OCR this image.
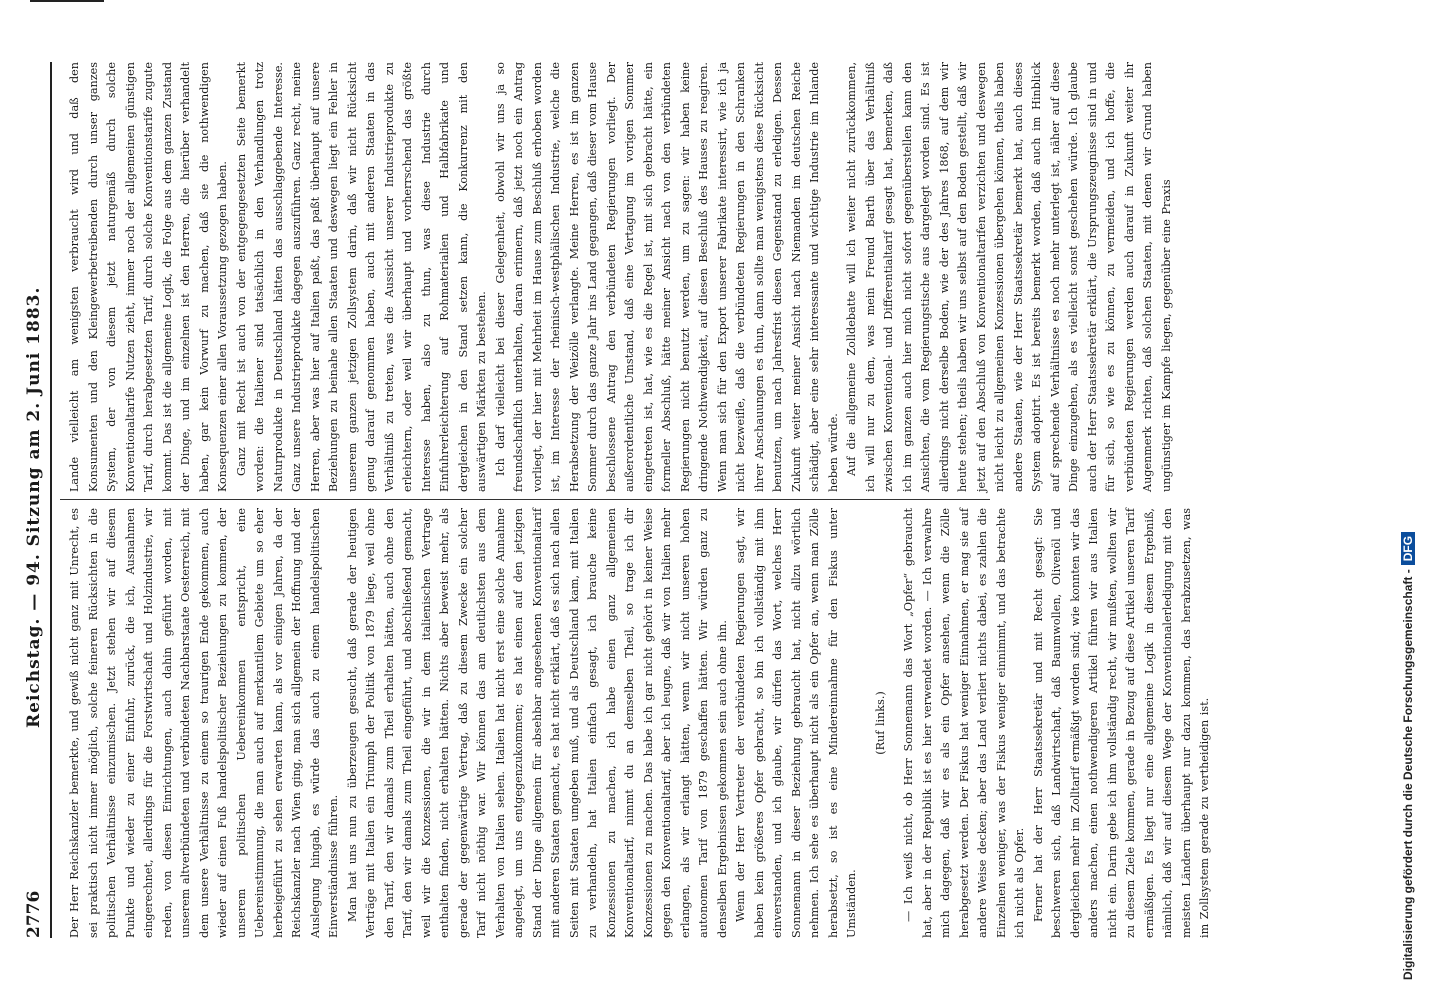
2776
Reichstag. — 94. Sitzung am 2. Juni 1883. Der Herr Reichskanzler bemerkte, und gewiß nicht ganz mit Unrecht, es sei praktisch nicht immer möglich, solche feineren Rücksichten in die politischen Verhältnisse einzumischen. Jetzt stehen wir auf diesem Punkte und wieder zu einer Einfuhr, zurück, die ich, Ausnahmen eingerechnet, allerdings für die Forstwirtschaft und Holzindustrie, wir reden, von diesen Einrichtungen, auch dahin geführt worden, mit unserem altverbündeten und verbündeten Nachbarstaate Oesterreich, mit dem unsere Verhältnisse zu einem so traurigen Ende gekommen, auch wieder auf einen Fuß handelspolitischer Beziehungen zu kommen, der unserem politischen Uebereinkommen entspricht, eine Uebereinstimmung, die man auch auf merkantilem Gebiete um so eher herbeigeführt zu sehen erwarten kann, als vor einigen Jahren, da der Reichskanzler nach Wien ging, man sich allgemein der Hoffnung und der Auslegung hingab, es würde das auch zu einem handelspolitischen Einverständnisse führen. Man hat uns nun zu überzeugen gesucht, daß gerade der heutigen Verträge mit Italien ein Triumph der Politik von 1879 liege, weil ohne den Tarif, den wir damals zum Theil erhalten hätten, auch ohne den Tarif, den wir damals zum Theil eingeführt, und abschließend gemacht, weil wir die Konzessionen, die wir in dem italienischen Vertrage enthalten finden, nicht erhalten hätten. Nichts aber beweist mehr, als gerade der gegenwärtige Vertrag, daß zu diesem Zwecke ein solcher Tarif nicht nöthig war. Wir können das am deutlichsten aus dem Verhalten von Italien sehen. Italien hat nicht erst eine solche Annahme angelegt, um uns entgegenzukommen; es hat einen auf den jetzigen Stand der Dinge allgemein für absehbar angesehenen Konventionaltarif mit anderen Staaten gemacht, es hat nicht erklärt, daß es sich nach allen Seiten mit Staaten umgeben muß, und als Deutschland kam, mit Italien zu verhandeln, hat Italien einfach gesagt, ich brauche keine Konzessionen zu machen, ich habe einen ganz allgemeinen Konventionaltarif, nimmt du an demselben Theil, so trage ich dir Konzessionen zu machen. Das habe ich gar nicht gehört in keiner Weise gegen den Konventionaltarif, aber ich leugne, daß wir von Italien mehr erlangen, als wir erlangt hätten, wenn wir nicht unseren hohen autonomen Tarif von 1879 geschaffen hätten. Wir würden ganz zu denselben Ergebnissen gekommen sein auch ohne ihn. Wenn der Herr Vertreter der verbündeten Regierungen sagt, wir haben kein größeres Opfer gebracht, so bin ich vollständig mit ihm einverstanden, und ich glaube, wir dürfen das Wort, welches Herr Sonnemann in dieser Beziehung gebraucht hat, nicht allzu wörtlich nehmen. Ich sehe es überhaupt nicht als ein Opfer an, wenn man Zölle herabsetzt, so ist es eine Mindereinnahme für den Fiskus unter Umständen.

(Ruf links.)	— Ich weiß nicht, ob Herr Sonnemann das Wort „Opfer“ gebraucht hat, aber in der Republik ist es hier verwendet worden. — Ich verwahre mich dagegen, daß wir es als ein Opfer ansehen, wenn die Zölle herabgesetzt werden. Der Fiskus hat weniger Einnahmen, er mag sie auf andere Weise decken; aber das Land verliert nichts dabei, es zahlen die Einzelnen weniger, was der Fiskus weniger einnimmt, und das betrachte ich nicht als Opfer. Ferner hat der Herr Staatssekretär und mit Recht gesagt: Sie beschweren sich, daß Landwirtschaft, daß Baumwollen, Olivenöl und dergleichen mehr im Zolltarif ermäßigt worden sind; wie konnten wir das anders machen, einen nothwendigeren Artikel führen wir aus Italien nicht ein. Darin gebe ich ihm vollständig recht, wir mußten, wollten wir zu diesem Ziele kommen, gerade in Bezug auf diese Artikel unseren Tarif ermäßigen. Es liegt nur eine allgemeine Logik in diesem Ergebniß, nämlich, daß wir auf diesem Wege der Konventionalerledigung mit den meisten Ländern überhaupt nur dazu kommen, das herabzusetzen, was im Zollsystem gerade zu vertheidigen ist.

Lande vielleicht am wenigsten verbraucht wird und daß den Konsumenten und den Kleingewerbetreibenden durch unser ganzes System, der von diesem jetzt naturgemäß durch solche Konventionaltarife Nutzen zieht, immer noch der allgemeinen günstigen Tarif, durch herabgesetzten Tarif, durch solche Konventionstarife zugute kommt. Das ist die allgemeine Logik, die Folge aus dem ganzen Zustand der Dinge, und im einzelnen ist den Herren, die hierüber verhandelt haben, gar kein Vorwurf zu machen, daß sie die nothwendigen Konsequenzen einer allen Voraussetzung gezogen haben. Ganz mit Recht ist auch von der entgegengesetzten Seite bemerkt worden: die Italiener sind tatsächlich in den Verhandlungen trotz Naturprodukte in Deutschland hätten das ausschlaggebende Interesse. Ganz unsere Industrieprodukte dagegen auszuführen. Ganz recht, meine Herren, aber was hier auf Italien paßt, das paßt überhaupt auf unsere Beziehungen zu beinahe allen Staaten und deswegen liegt ein Fehler in unserem ganzen jetzigen Zollsystem darin, daß wir nicht Rücksicht genug darauf genommen haben, auch mit anderen Staaten in das Verhältniß zu treten, was die Aussicht unserer Industrieprodukte zu erleichtern, oder weil wir überhaupt und vorherrschend das größte Interesse haben, also zu thun, was diese Industrie durch Einfuhrerleichterung auf Rohmaterialien und Halbfabrikate und dergleichen in den Stand setzen kann, die Konkurrenz mit den auswärtigen Märkten zu bestehen. Ich darf vielleicht bei dieser Gelegenheit, obwohl wir uns ja so freundschaftlich unterhalten, daran erinnern, daß jetzt noch ein Antrag vorliegt, der hier mit Mehrheit im Hause zum Beschluß erhoben worden ist, im Interesse der rheinisch-westphälischen Industrie, welche die Herabsetzung der Weizölle verlangte. Meine Herren, es ist im ganzen Sommer durch das ganze Jahr ins Land gegangen, daß dieser vom Hause beschlossene Antrag den verbündeten Regierungen vorliegt. Der außerordentliche Umstand, daß eine Vertagung im vorigen Sommer eingetreten ist, hat, wie es die Regel ist, mit sich gebracht hätte, ein formeller Abschluß, hätte meiner Ansicht nach von den verbündeten Regierungen nicht benutzt werden, um zu sagen: wir haben keine dringende Nothwendigkeit, auf diesen Beschluß des Hauses zu reagiren. Wenn man sich für den Export unserer Fabrikate interessirt, wie ich ja nicht bezweifle, daß die verbündeten Regierungen in den Schranken ihrer Anschauungen es thun, dann sollte man wenigstens diese Rücksicht benutzen, um nach Jahresfrist diesen Gegenstand zu erledigen. Dessen Zukunft weiter meiner Ansicht nach Niemanden im deutschen Reiche schädigt, aber eine sehr interessante und wichtige Industrie im Inlande heben würde. Auf die allgemeine Zolldebatte will ich weiter nicht zurückkommen, ich will nur zu dem, was mein Freund Barth über das Verhältniß zwischen Konventional- und Differentialtarif gesagt hat, bemerken, daß ich im ganzen auch hier mich nicht sofort gegenüberstellen kann den Ansichten, die vom Regierungstische aus dargelegt worden sind. Es ist allerdings nicht derselbe Boden, wie der des Jahres 1868, auf dem wir heute stehen; theils haben wir uns selbst auf den Boden gestellt, daß wir jetzt auf den Abschluß von Konventionaltarifen verzichten und deswegen nicht leicht zu allgemeinen Konzessionen übergehen können, theils haben andere Staaten, wie der Herr Staatssekretär bemerkt hat, auch dieses System adoptirt. Es ist bereits bemerkt worden, daß auch im Hinblick auf sprechende Verhältnisse es noch mehr unterlegt ist, näher auf diese Dinge einzugehen, als es vielleicht sonst geschehen würde. Ich glaube auch der Herr Staatssekretär erklärt, die Ursprungszeugnisse sind in und für sich, so wie es zu können, zu vermeiden, und ich hoffe, die verbündeten Regierungen werden auch darauf in Zukunft weiter ihr Augenmerk richten, daß solchen Staaten, mit denen wir Grund haben ungünstiger im Kampfe liegen, gegenüber eine Praxis

Digitalisierung gefördert durch die Deutsche Forschungsgemeinschaft -DFG
